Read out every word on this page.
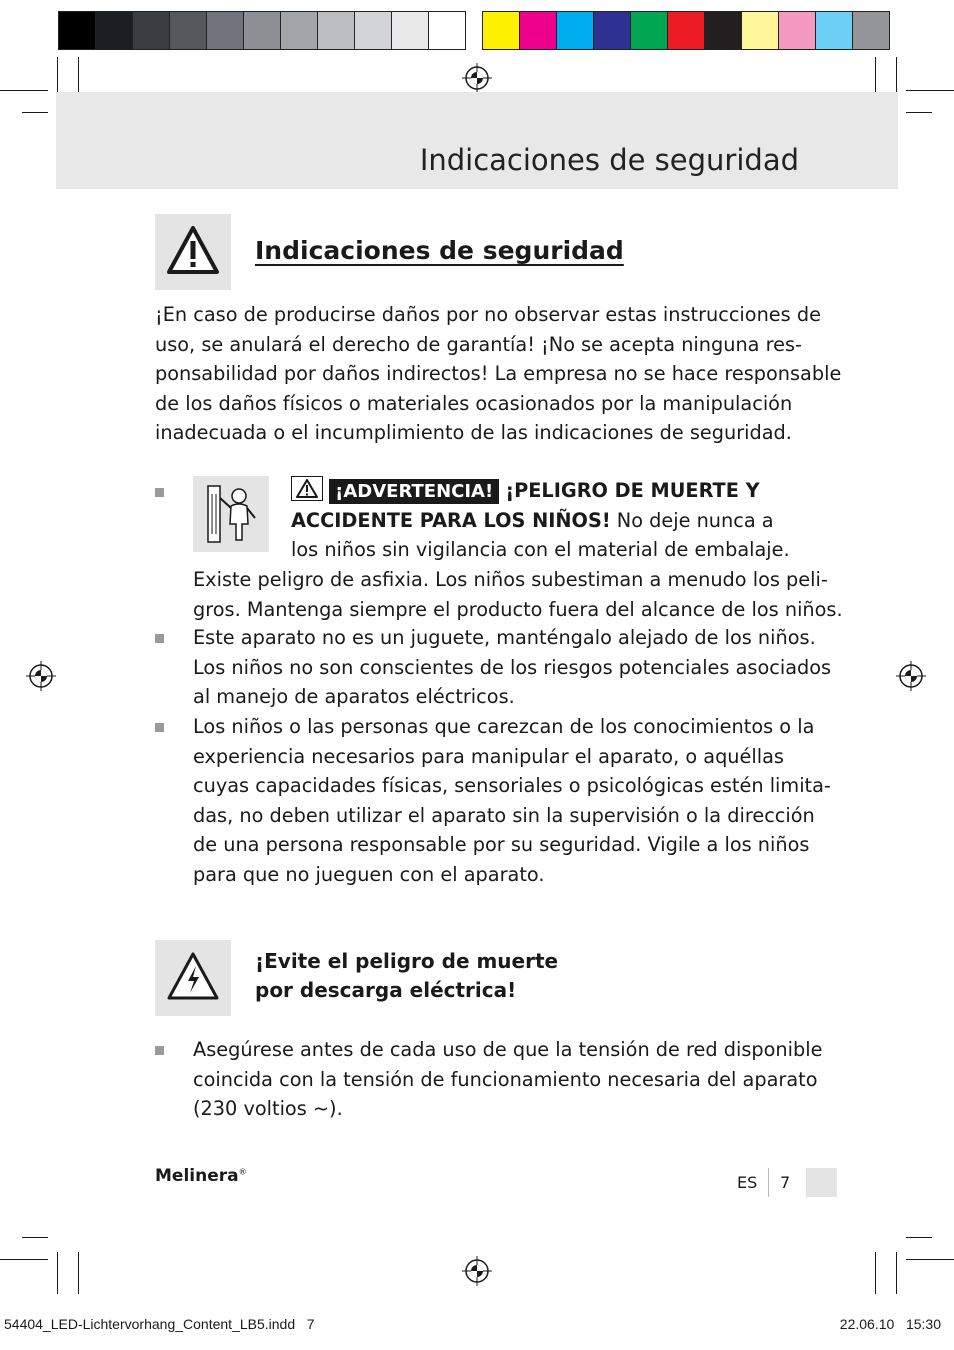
Indicaciones de seguridad
Indicaciones de seguridad
¡En caso de producirse daños por no observar estas instrucciones de
uso, se anulará el derecho de garantía! ¡No se acepta ninguna res-
ponsabilidad por daños indirectos! La empresa no se hace responsable
de los daños físicos o materiales ocasionados por la manipulación
inadecuada o el incumplimiento de las indicaciones de seguridad.
¡ADVERTENCIA! ¡PELIGRO DE MUERTE Y
ACCIDENTE PARA LOS NIÑOS! No deje nunca a
los niños sin vigilancia con el material de embalaje.
Existe peligro de asfixia. Los niños subestiman a menudo los peli-
gros. Mantenga siempre el producto fuera del alcance de los niños.
Este aparato no es un juguete, manténgalo alejado de los niños.
Los niños no son conscientes de los riesgos potenciales asociados
al manejo de aparatos eléctricos.
Los niños o las personas que carezcan de los conocimientos o la
experiencia necesarios para manipular el aparato, o aquéllas
cuyas capacidades físicas, sensoriales o psicológicas estén limita-
das, no deben utilizar el aparato sin la supervisión o la dirección
de una persona responsable por su seguridad. Vigile a los niños
para que no jueguen con el aparato.
¡Evite el peligro de muerte
por descarga eléctrica!
Asegúrese antes de cada uso de que la tensión de red disponible
coincida con la tensión de funcionamiento necesaria del aparato
(230 voltios ~).
Melinera®
ES 7
54404_LED-Lichtervorhang_Content_LB5.indd   7	22.06.10   15:30
